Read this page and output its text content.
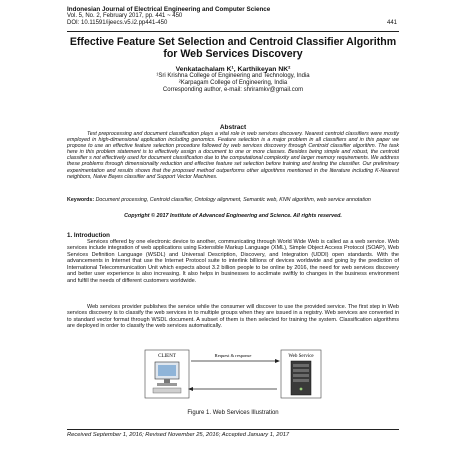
Indonesian Journal of Electrical Engineering and Computer Science
Vol. 5, No. 2, February 2017, pp. 441 ~ 450
DOI: 10.11591/ijeecs.v5.i2.pp441-450	441
Effective Feature Set Selection and Centroid Classifier Algorithm for Web Services Discovery
Venkatachalam K¹, Karthikeyan NK²
¹Sri Krishna College of Engineering and Technology, India
²Karpagam College of Engineering, India
Corresponding author, e-mail: shriramkv@gmail.com
Abstract
Text preprocessing and document classification plays a vital role in web services discovery. Nearest centroid classifiers were mostly employed in high-dimensional application including genomics. Feature selection is a major problem in all classifiers and in this paper we propose to use an effective feature selection procedure followed by web services discovery through Centroid classifier algorithm. The task here in this problem statement is to effectively assign a document to one or more classes. Besides being simple and robust, the centroid classifier s not effectively used for document classification due to the computational complexity and larger memory requirements. We address these problems through dimensionality reduction and effective feature set selection before training and testing the classifier. Our preliminary experimentation and results shows that the proposed method outperforms other algorithms mentioned in the literature including K-Nearest neighbors, Naive Bayes classifier and Support Vector Machines.
Keywords: Document processing, Centroid classifier, Ontology alignment, Semantic web, KNN algorithm, web service annotation
Copyright © 2017 Institute of Advanced Engineering and Science. All rights reserved.
1. Introduction
Services offered by one electronic device to another, communicating through World Wide Web is called as a web service. Web services include integration of web applications using Extensible Markup Language (XML), Simple Object Access Protocol (SOAP), Web Services Definition Language (WSDL) and Universal Description, Discovery, and Integration (UDDI) open standards. With the advancements in Internet that use the Internet Protocol suite to interlink billions of devices worldwide and going by the prediction of International Telecommunication Unit which expects about 3.2 billion people to be online by 2016, the need for web services discovery and better user experience is also increasing. It also helps in businesses to acclimate swiftly to changes in the business environment and fulfill the needs of different customers worldwide.
Web services provider publishes the service while the consumer will discover to use the provided service. The first step in Web services discovery is to classify the web services in to multiple groups when they are issued in a registry. Web services are converted in to standard vector format through WSDL document. A subset of them is then selected for training the system. Classification algorithms are deployed in order to classify the web services automatically.
CLIENT	Request & response	Web Service
Figure 1. Web Services Illustration
Received September 1, 2016; Revised November 25, 2016; Accepted January 1, 2017
